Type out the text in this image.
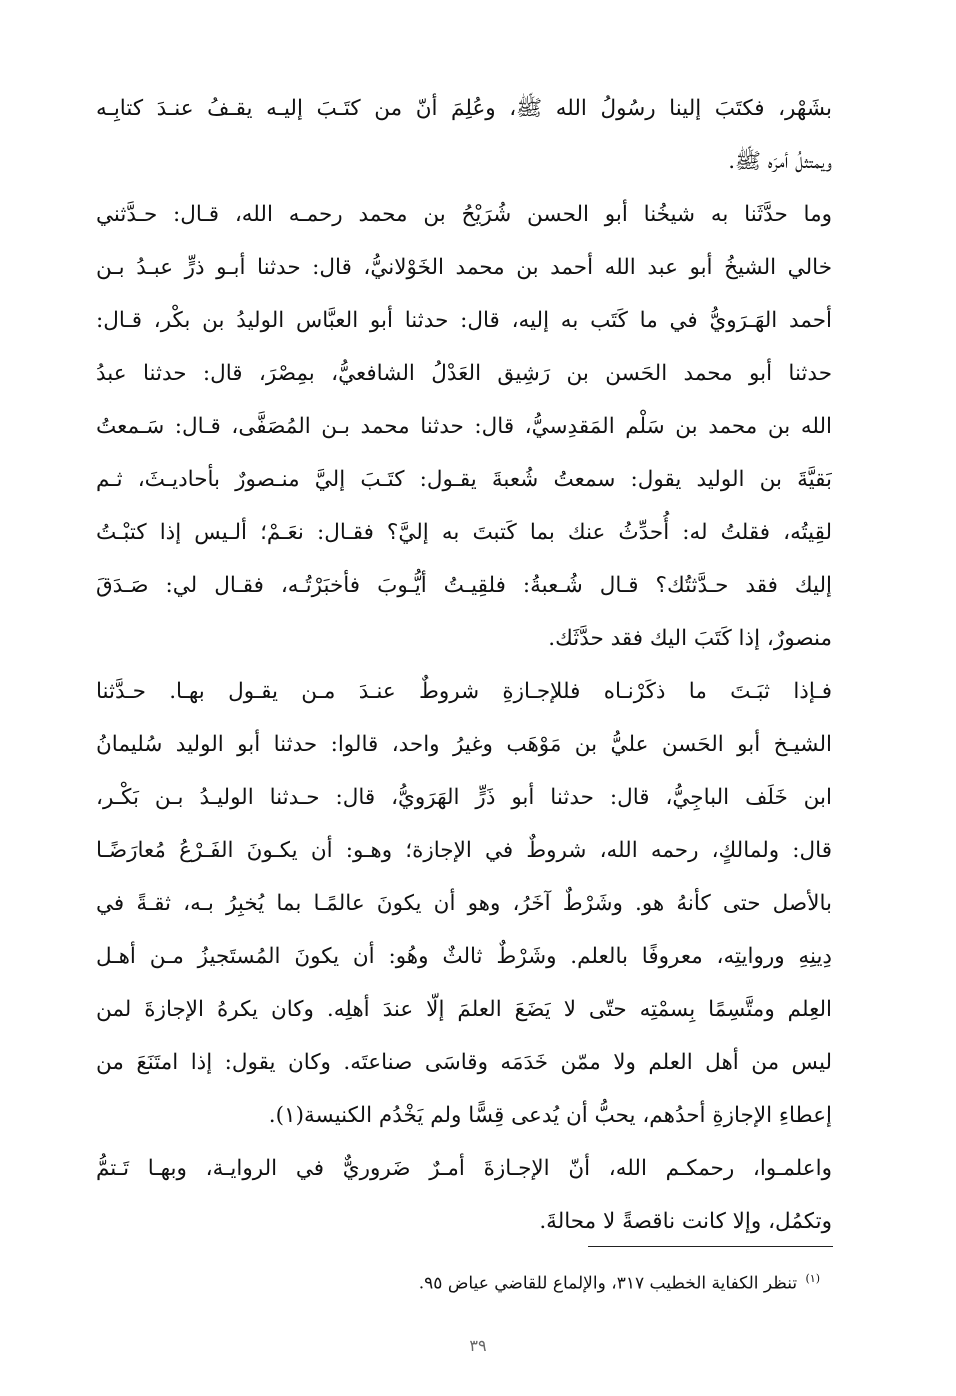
بشَهْر، فكتَبَ إلينا رسُولُ الله ﷺ، وعُلِمَ أنّ من كتَـبَ إليـه يقـفُ عنـدَ كتابِـه
ويمتثلُ أمرَه ﷺ.
وما حدَّثَنا به شيخُنا أبو الحسن شُرَيْحُ بن محمد رحمـه الله، قـال: حـدَّثني
خالي الشيخُ أبو عبد الله أحمد بن محمد الخَوْلانيُّ، قال: حدثنا أبـو ذرٍّ عبـدُ بـن
أحمد الهَـرَويُّ في ما كَتَب به إليه، قال: حدثنا أبو العبَّاس الوليدُ بن بكْر، قـال:
حدثنا أبو محمد الحَسن بن رَشِيق العَدْلُ الشافعيُّ، بمِصْرَ، قال: حدثنا عبدُ
الله بن محمد بن سَلْم المَقدِسيُّ، قال: حدثنا محمد بـن المُصَفَّى، قـال: سَـمعتُ
بَقيَّةَ بن الوليد يقول: سمعتُ شُعبةَ يقـول: كتَـبَ إليَّ منـصورٌ بأحاديـثَ، ثـم
لقِيتُه، فقلتُ له: أُحدِّثُ عنك بما كَتبتَ به إليَّ؟ فقـال: نعَـمْ؛ ألـيس إذا كتبْـتُ
إليك فقد حـدَّثتُك؟ قـال شُـعبةُ: فلقِيـتُ أيُّـوبَ فأخبَرْتُـه، فقـال لي: صَـدَقَ
منصورٌ، إذا كَتَبَ اليك فقد حدَّثَك.
فـإذا ثبَـتَ ما ذكَرْنـاه فللإجـازةِ شروطٌ عنـدَ مـن يقـول بهـا. حـدَّثنا
الشيـخ أبو الحَسن عليُّ بن مَوْهَب وغيرُ واحد، قالوا: حدثنا أبو الوليد سُليمانُ
ابن خَلَف الباجِيُّ، قال: حدثنا أبو ذَرٍّ الهَرَويُّ، قال: حـدثنا الوليـدُ بـن بَكْـر،
قال: ولمالكٍ، رحمه الله، شروطٌ في الإجازة؛ وهـو: أن يكـونَ الفَـرْعُ مُعارَضًـا
بالأصل حتى كأنهُ هو. وشَرْطٌ آخَرُ، وهو أن يكونَ عالمًـا بما يُخبِرُ بـه، ثقـةً في
دِينِهِ وروايتِه، معروفًا بالعلم. وشَرْطٌ ثالثٌ وهُو: أن يكونَ المُستَجيزُ مـن أهـل
العِلم ومتَّسِمًا بِسمْتِه حتّى لا يَضَعَ العلمَ إلّا عندَ أهلِه. وكان يكرهُ الإجازةَ لمن
ليس من أهل العلم ولا ممّن خَدَمَه وقاسَى صناعتَه. وكان يقول: إذا امتَنَعَ من
إعطاءِ الإجازةِ أحدُهم، يحبُّ أن يُدعى قِسًّا ولم يَخْدُم الكنيسة(١).
واعلمـوا، رحمكـم الله، أنّ الإجـازةَ أمـرٌ ضَروريٌّ في الروايـة، وبهـا تَـتمُّ
وتكمُل، وإلا كانت ناقصةً لا محالةَ.
$^{(١)}$ تنظر الكفاية الخطيب ٣١٧، والإلماع للقاضي عياض ٩٥.
٣٩
